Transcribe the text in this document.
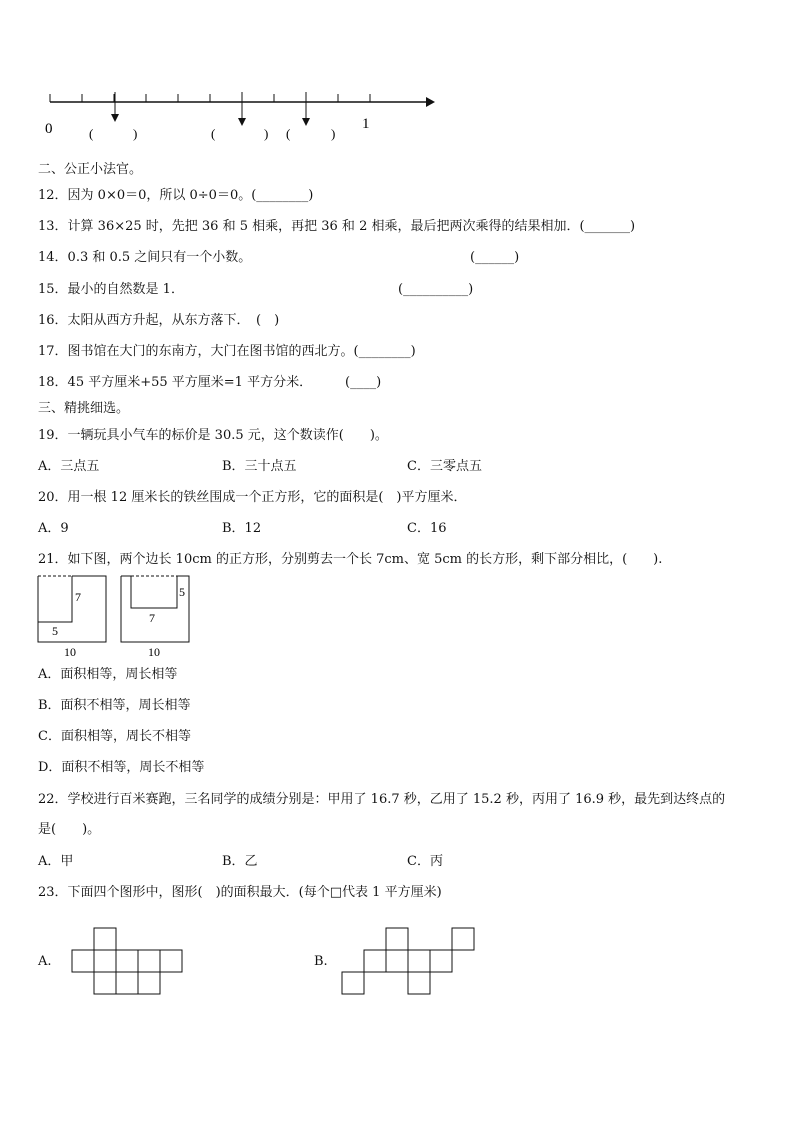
0	1
(	)	(	) (	)
二、公正小法官。
12．因为 0×0＝0，所以 0÷0＝0。(________)
13．计算 36×25 时，先把 36 和 5 相乘，再把 36 和 2 相乘，最后把两次乘得的结果相加．(_______)
14．0.3 和 0.5 之间只有一个小数。	(______)
15．最小的自然数是 1．	(__________)
16．太阳从西方升起，从东方落下．　(　)
17．图书馆在大门的东南方，大门在图书馆的西北方。(________)
18．45 平方厘米+55 平方厘米=1 平方分米．	(____)
三、精挑细选。
19．一辆玩具小气车的标价是 30.5 元，这个数读作(　　)。
A．三点五	B．三十点五	C．三零点五
20．用一根 12 厘米长的铁丝围成一个正方形，它的面积是(　)平方厘米．
A．9	B．12	C．16
21．如下图，两个边长 10cm 的正方形，分别剪去一个长 7cm、宽 5cm 的长方形，剩下部分相比，(　　).
7
5
10
5
7
10
A．面积相等，周长相等
B．面积不相等，周长相等
C．面积相等，周长不相等
D．面积不相等，周长不相等
22．学校进行百米赛跑，三名同学的成绩分别是：甲用了 16.7 秒，乙用了 15.2 秒，丙用了 16.9 秒，最先到达终点的
是(　　)。
A．甲	B．乙	C．丙
23．下面四个图形中，图形(　)的面积最大．(每个□代表 1 平方厘米)
A.	B.
